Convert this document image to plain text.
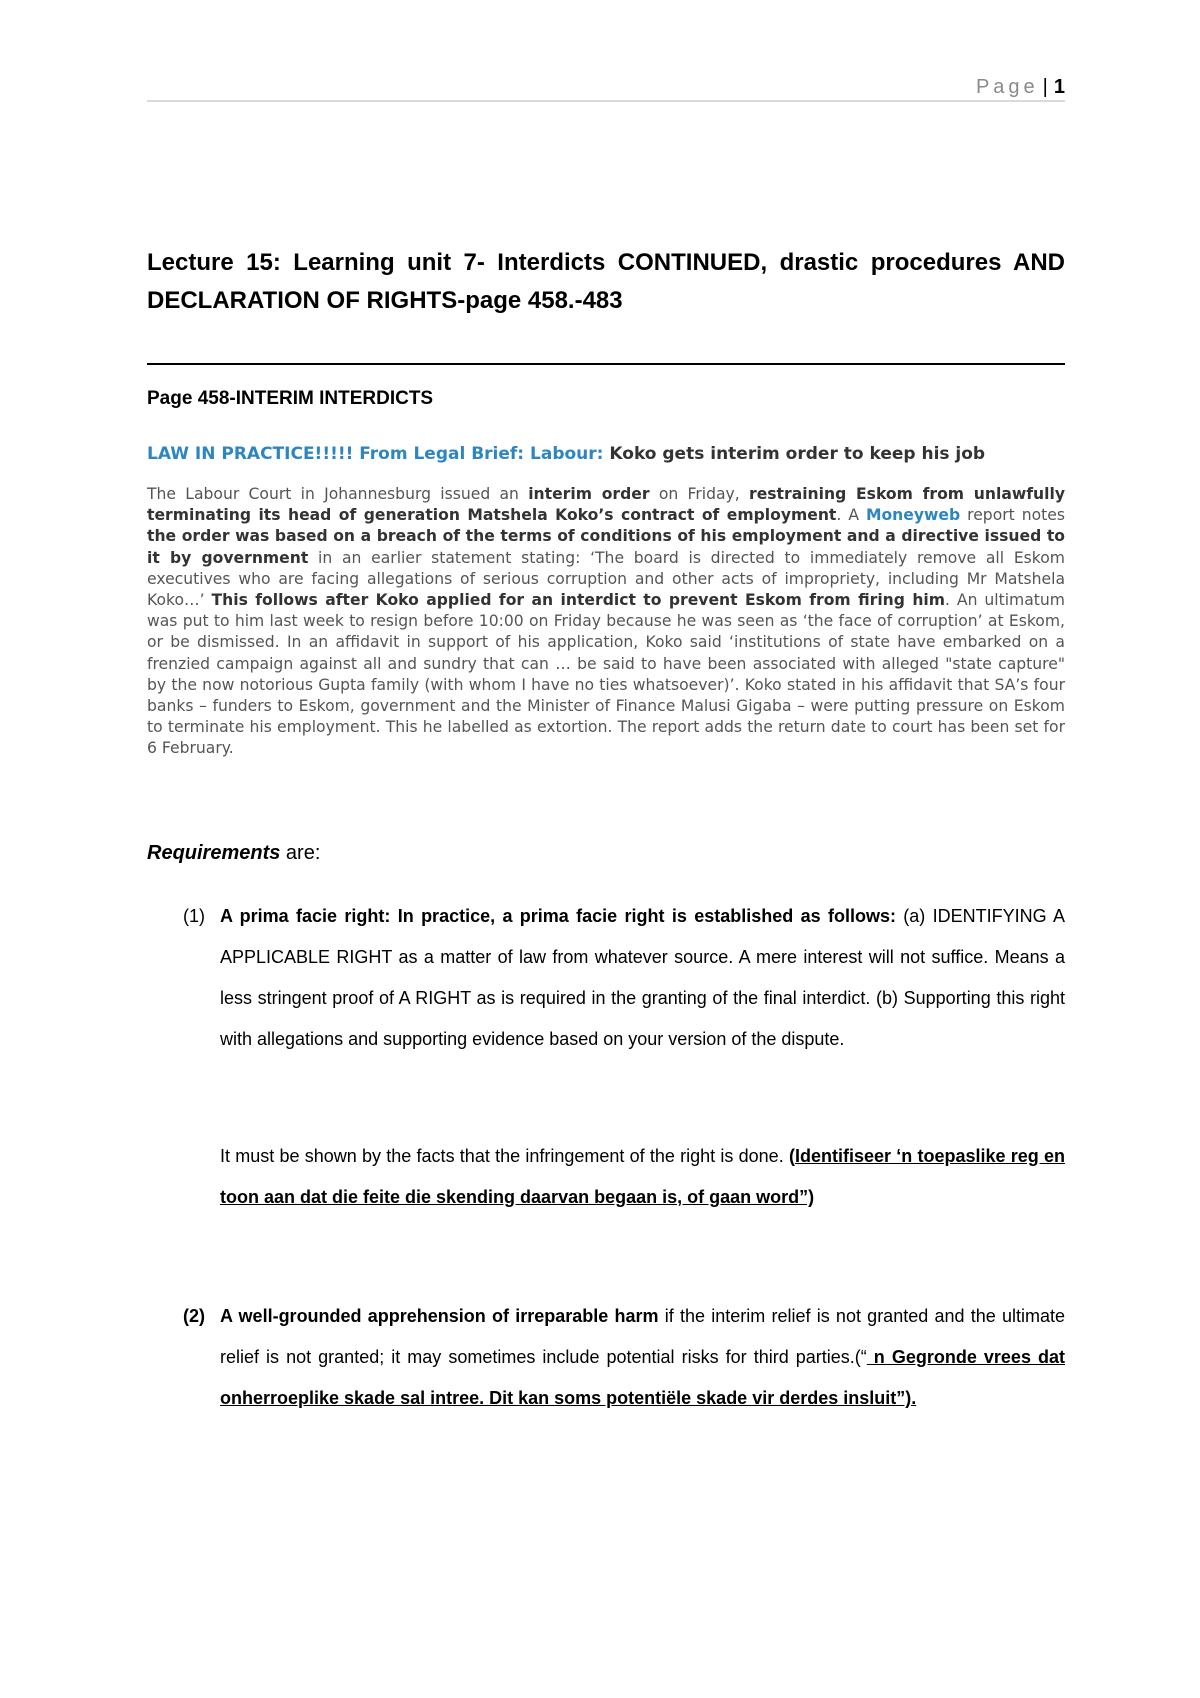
Page | 1
Lecture 15: Learning unit 7- Interdicts CONTINUED, drastic procedures AND DECLARATION OF RIGHTS-page 458.-483
Page 458-INTERIM INTERDICTS
LAW IN PRACTICE!!!!! From Legal Brief: Labour: Koko gets interim order to keep his job
The Labour Court in Johannesburg issued an interim order on Friday, restraining Eskom from unlawfully terminating its head of generation Matshela Koko’s contract of employment. A Moneyweb report notes the order was based on a breach of the terms of conditions of his employment and a directive issued to it by government in an earlier statement stating: ‘The board is directed to immediately remove all Eskom executives who are facing allegations of serious corruption and other acts of impropriety, including Mr Matshela Koko…’ This follows after Koko applied for an interdict to prevent Eskom from firing him. An ultimatum was put to him last week to resign before 10:00 on Friday because he was seen as ‘the face of corruption’ at Eskom, or be dismissed. In an affidavit in support of his application, Koko said ‘institutions of state have embarked on a frenzied campaign against all and sundry that can … be said to have been associated with alleged "state capture" by the now notorious Gupta family (with whom I have no ties whatsoever)’. Koko stated in his affidavit that SA’s four banks – funders to Eskom, government and the Minister of Finance Malusi Gigaba – were putting pressure on Eskom to terminate his employment. This he labelled as extortion. The report adds the return date to court has been set for 6 February.
Requirements are:
(1) A prima facie right: In practice, a prima facie right is established as follows: (a) IDENTIFYING A APPLICABLE RIGHT as a matter of law from whatever source. A mere interest will not suffice. Means a less stringent proof of A RIGHT as is required in the granting of the final interdict. (b) Supporting this right with allegations and supporting evidence based on your version of the dispute.
It must be shown by the facts that the infringement of the right is done. (Identifiseer ‘n toepaslike reg en toon aan dat die feite die skending daarvan begaan is, of gaan word”)
(2) A well-grounded apprehension of irreparable harm if the interim relief is not granted and the ultimate relief is not granted; it may sometimes include potential risks for third parties.(“ n Gegronde vrees dat onherroeplike skade sal intree. Dit kan soms potentiële skade vir derdes insluit”).
